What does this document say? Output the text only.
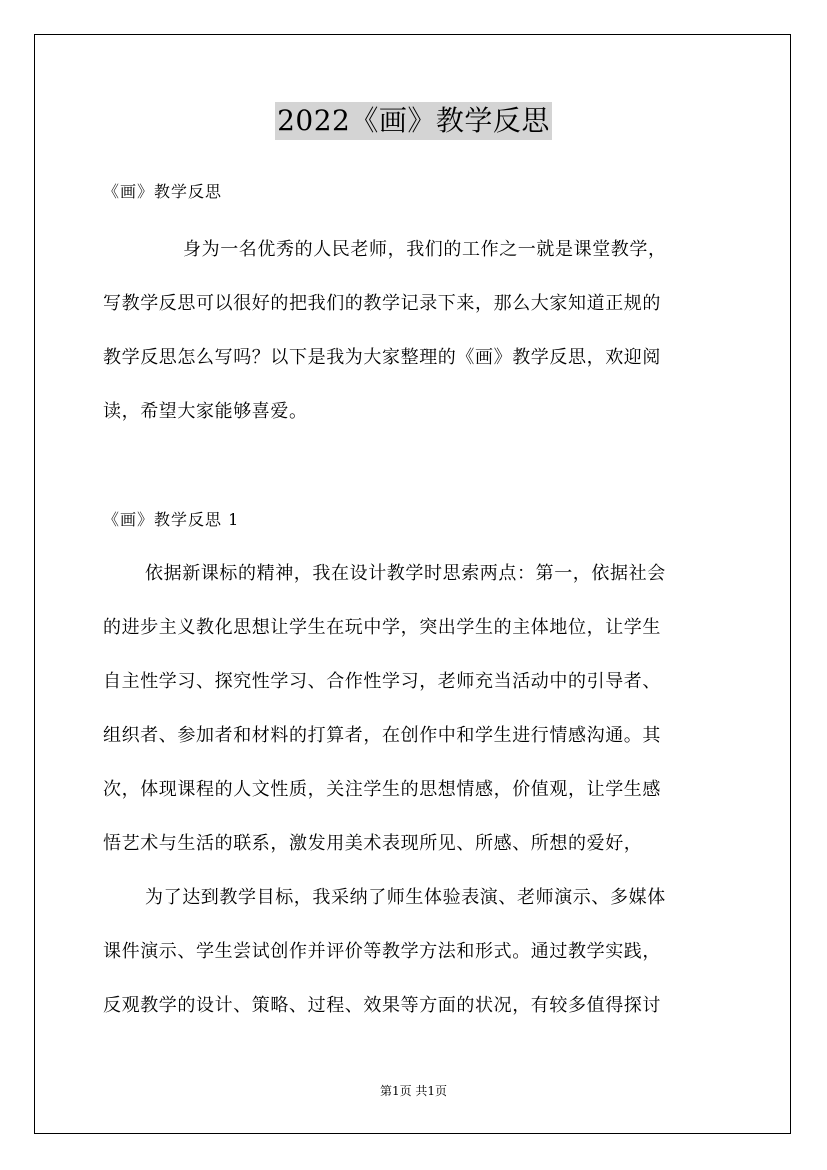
2022《画》教学反思
《画》教学反思
身为一名优秀的人民老师，我们的工作之一就是课堂教学，
写教学反思可以很好的把我们的教学记录下来，那么大家知道正规的
教学反思怎么写吗？以下是我为大家整理的《画》教学反思，欢迎阅
读，希望大家能够喜爱。
《画》教学反思 1
依据新课标的精神，我在设计教学时思索两点：第一，依据社会
的进步主义教化思想让学生在玩中学，突出学生的主体地位，让学生
自主性学习、探究性学习、合作性学习，老师充当活动中的引导者、
组织者、参加者和材料的打算者，在创作中和学生进行情感沟通。其
次，体现课程的人文性质，关注学生的思想情感，价值观，让学生感
悟艺术与生活的联系，激发用美术表现所见、所感、所想的爱好，
为了达到教学目标，我采纳了师生体验表演、老师演示、多媒体
课件演示、学生尝试创作并评价等教学方法和形式。通过教学实践，
反观教学的设计、策略、过程、效果等方面的状况，有较多值得探讨
第1页 共1页
